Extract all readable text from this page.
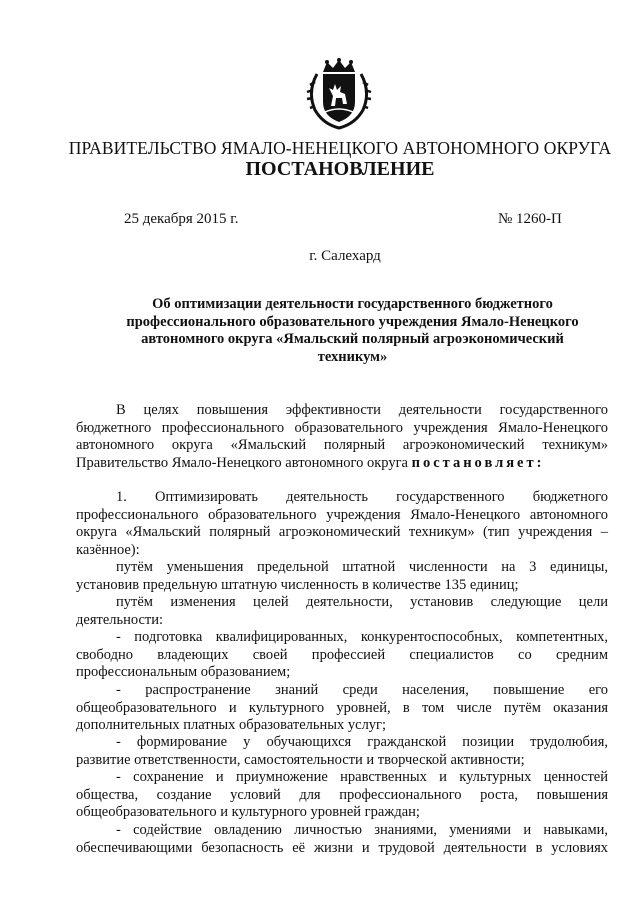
ПРАВИТЕЛЬСТВО ЯМАЛО-НЕНЕЦКОГО АВТОНОМНОГО ОКРУГА
ПОСТАНОВЛЕНИЕ
25 декабря 2015 г.	№ 1260-П
г. Салехард
Об оптимизации деятельности государственного бюджетного
профессионального образовательного учреждения Ямало-Ненецкого
автономного округа «Ямальский полярный агроэкономический
техникум»
В целях повышения эффективности деятельности государственного
бюджетного профессионального образовательного учреждения Ямало-Ненецкого
автономного округа «Ямальский полярный агроэкономический техникум»
Правительство Ямало-Ненецкого автономного округа постановляет:
1. Оптимизировать деятельность государственного бюджетного
профессионального образовательного учреждения Ямало-Ненецкого автономного
округа «Ямальский полярный агроэкономический техникум» (тип учреждения –
казённое):
путём уменьшения предельной штатной численности на 3 единицы,
установив предельную штатную численность в количестве 135 единиц;
путём изменения целей деятельности, установив следующие цели
деятельности:
- подготовка квалифицированных, конкурентоспособных, компетентных,
свободно владеющих своей профессией специалистов со средним
профессиональным образованием;
- распространение знаний среди населения, повышение его
общеобразовательного и культурного уровней, в том числе путём оказания
дополнительных платных образовательных услуг;
- формирование у обучающихся гражданской позиции трудолюбия,
развитие ответственности, самостоятельности и творческой активности;
- сохранение и приумножение нравственных и культурных ценностей
общества, создание условий для профессионального роста, повышения
общеобразовательного и культурного уровней граждан;
- содействие овладению личностью знаниями, умениями и навыками,
обеспечивающими безопасность её жизни и трудовой деятельности в условиях
